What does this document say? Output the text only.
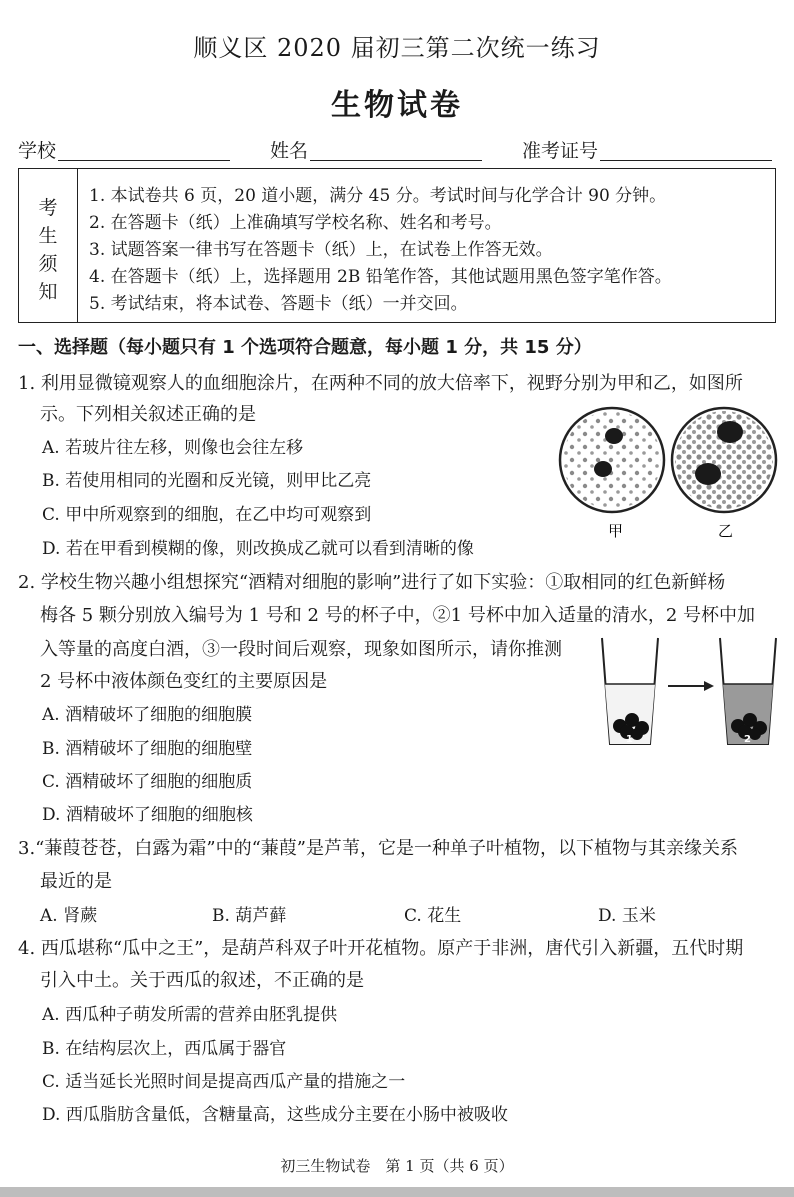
顺义区 2020 届初三第二次统一练习
生物试卷
学校	姓名	准考证号
考
生
须
知
1. 本试卷共 6 页，20 道小题，满分 45 分。考试时间与化学合计 90 分钟。
2. 在答题卡（纸）上准确填写学校名称、姓名和考号。
3. 试题答案一律书写在答题卡（纸）上，在试卷上作答无效。
4. 在答题卡（纸）上，选择题用 2B 铅笔作答，其他试题用黑色签字笔作答。
5. 考试结束，将本试卷、答题卡（纸）一并交回。
一、选择题（每小题只有 1 个选项符合题意，每小题 1 分，共 15 分）
1. 利用显微镜观察人的血细胞涂片，在两种不同的放大倍率下，视野分别为甲和乙，如图所
示。下列相关叙述正确的是
A. 若玻片往左移，则像也会往左移
B. 若使用相同的光圈和反光镜，则甲比乙亮
C. 甲中所观察到的细胞，在乙中均可观察到
D. 若在甲看到模糊的像，则改换成乙就可以看到清晰的像
甲	乙
2. 学校生物兴趣小组想探究“酒精对细胞的影响”进行了如下实验：①取相同的红色新鲜杨
梅各 5 颗分别放入编号为 1 号和 2 号的杯子中，②1 号杯中加入适量的清水，2 号杯中加
入等量的高度白酒，③一段时间后观察，现象如图所示，请你推测
2 号杯中液体颜色变红的主要原因是
A. 酒精破坏了细胞的细胞膜
B. 酒精破坏了细胞的细胞壁
C. 酒精破坏了细胞的细胞质
D. 酒精破坏了细胞的细胞核
1	2
3.“蒹葭苍苍，白露为霜”中的“蒹葭”是芦苇，它是一种单子叶植物，以下植物与其亲缘关系
最近的是
A. 肾蕨	B. 葫芦藓	C. 花生	D. 玉米
4. 西瓜堪称“瓜中之王”，是葫芦科双子叶开花植物。原产于非洲，唐代引入新疆，五代时期
引入中土。关于西瓜的叙述，不正确的是
A. 西瓜种子萌发所需的营养由胚乳提供
B. 在结构层次上，西瓜属于器官
C. 适当延长光照时间是提高西瓜产量的措施之一
D. 西瓜脂肪含量低，含糖量高，这些成分主要在小肠中被吸收
初三生物试卷　第 1 页（共 6 页）
